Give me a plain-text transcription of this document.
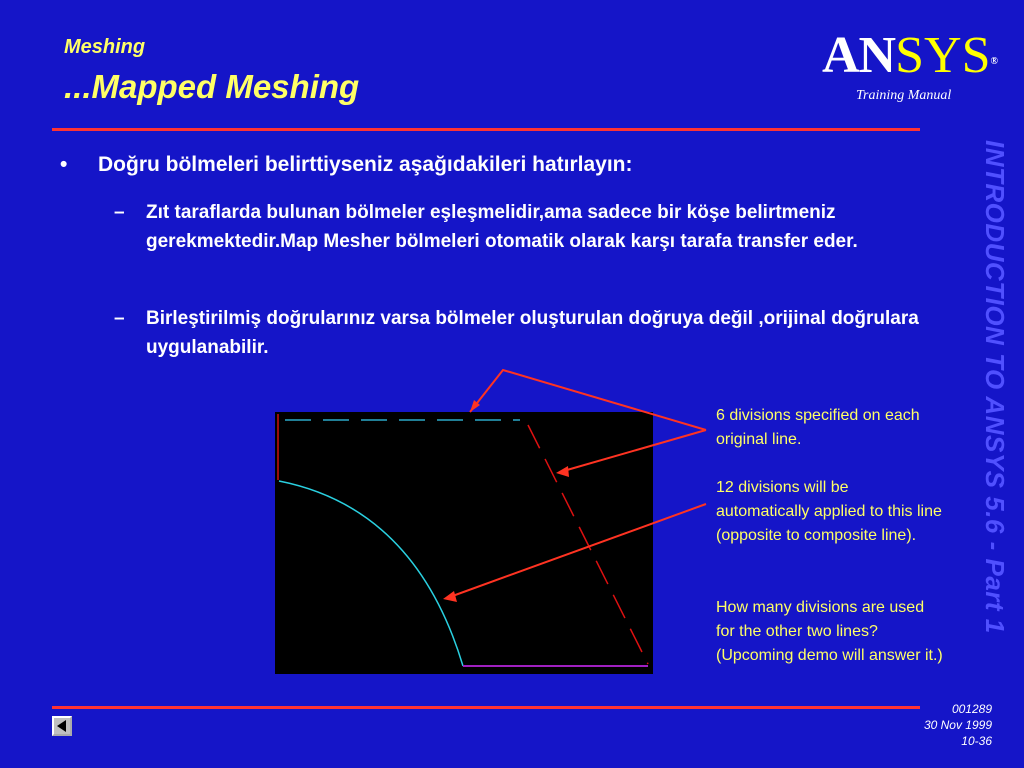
Meshing
...Mapped Meshing
ANSYS®
Training Manual
• Doğru bölmeleri belirttiyseniz aşağıdakileri hatırlayın:
–	Zıt taraflarda bulunan bölmeler eşleşmelidir,ama sadece bir köşe belirtmeniz gerekmektedir.Map Mesher bölmeleri otomatik olarak karşı tarafa transfer eder.
–	Birleştirilmiş doğrularınız varsa bölmeler oluşturulan doğruya değil ,orijinal doğrulara uygulanabilir.
6 divisions specified on each original line.
12 divisions will be automatically applied to this line (opposite to composite line).
How many divisions are used for the other two lines? (Upcoming demo will answer it.)
INTRODUCTION TO ANSYS 5.6 - Part 1
001289
30 Nov 1999
10-36
